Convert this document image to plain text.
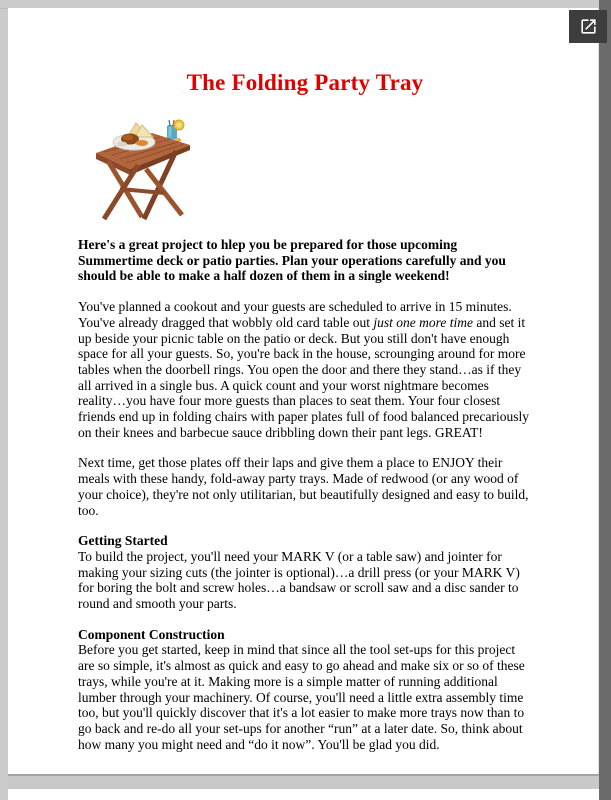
The Folding Party Tray

Here's a great project to hlep you be prepared for those upcoming Summertime deck or patio parties. Plan your operations carefully and you should be able to make a half dozen of them in a single weekend!

You've planned a cookout and your guests are scheduled to arrive in 15 minutes. You've already dragged that wobbly old card table out just one more time and set it up beside your picnic table on the patio or deck. But you still don't have enough space for all your guests. So, you're back in the house, scrounging around for more tables when the doorbell rings. You open the door and there they stand…as if they all arrived in a single bus. A quick count and your worst nightmare becomes reality…you have four more guests than places to seat them. Your four closest friends end up in folding chairs with paper plates full of food balanced precariously on their knees and barbecue sauce dribbling down their pant legs. GREAT!

Next time, get those plates off their laps and give them a place to ENJOY their meals with these handy, fold-away party trays. Made of redwood (or any wood of your choice), they're not only utilitarian, but beautifully designed and easy to build, too.

Getting Started

To build the project, you'll need your MARK V (or a table saw) and jointer for making your sizing cuts (the jointer is optional)…a drill press (or your MARK V) for boring the bolt and screw holes…a bandsaw or scroll saw and a disc sander to round and smooth your parts.

Component Construction

Before you get started, keep in mind that since all the tool set-ups for this project are so simple, it's almost as quick and easy to go ahead and make six or so of these trays, while you're at it. Making more is a simple matter of running additional lumber through your machinery. Of course, you'll need a little extra assembly time too, but you'll quickly discover that it's a lot easier to make more trays now than to go back and re-do all your set-ups for another “run” at a later date. So, think about how many you might need and “do it now”. You'll be glad you did.
